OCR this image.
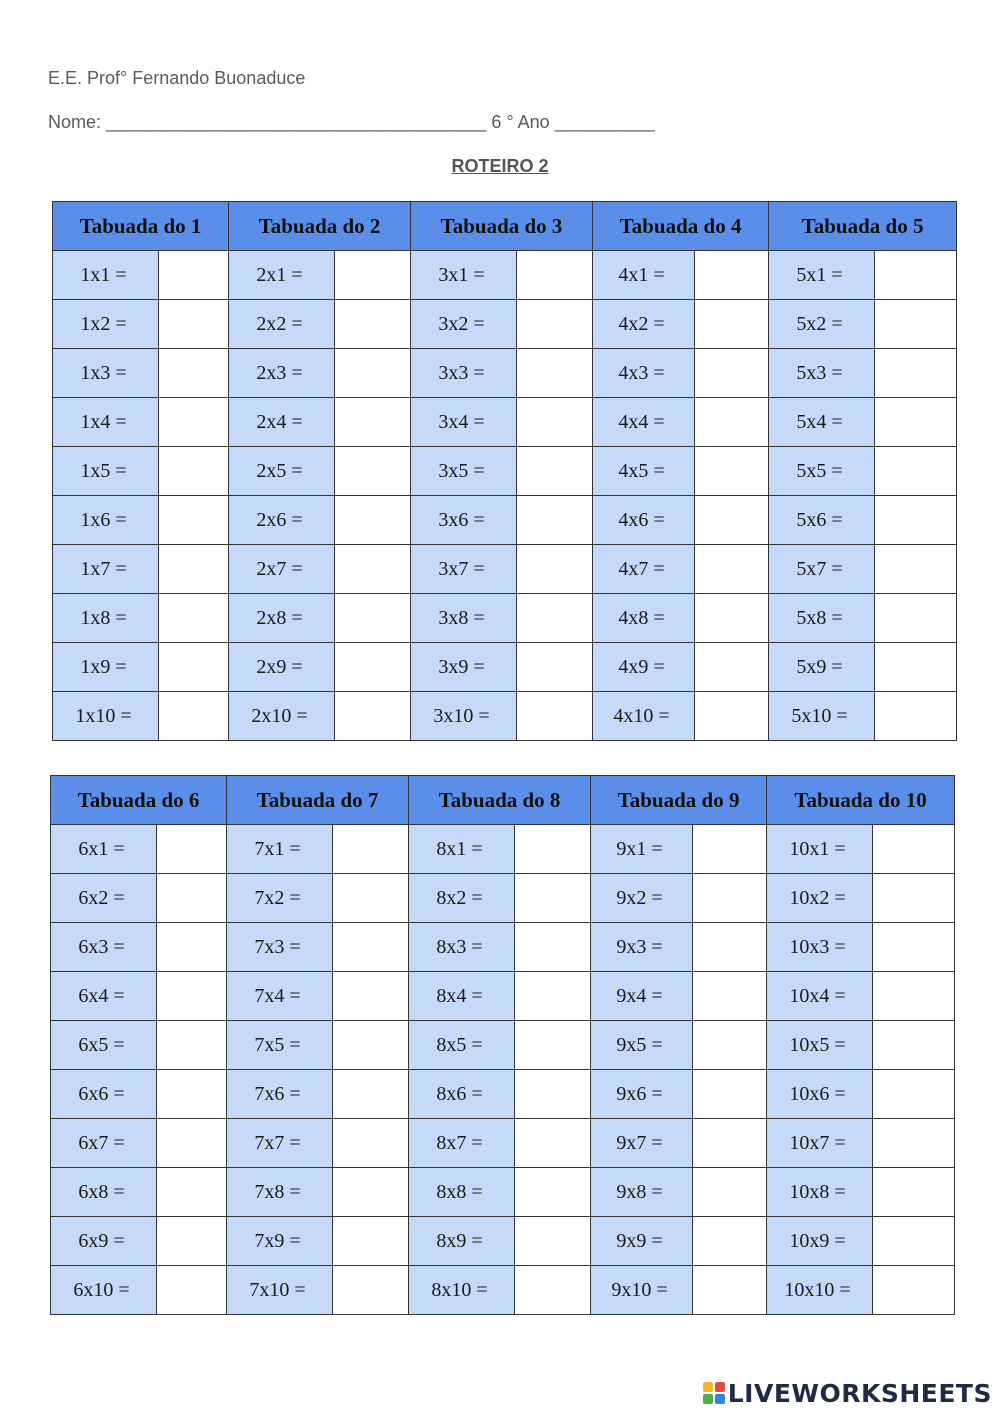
E.E. Prof° Fernando Buonaduce
Nome: ______________________________________ 6 ° Ano __________
ROTEIRO 2
Tabuada do 1		Tabuada do 2		Tabuada do 3		Tabuada do 4		Tabuada do 5	

1x1 =		2x1 =		3x1 =		4x1 =		5x1 =

1x2 =		2x2 =		3x2 =		4x2 =		5x2 =

1x3 =		2x3 =		3x3 =		4x3 =		5x3 =

1x4 =		2x4 =		3x4 =		4x4 =		5x4 =

1x5 =		2x5 =		3x5 =		4x5 =		5x5 =

1x6 =		2x6 =		3x6 =		4x6 =		5x6 =

1x7 =		2x7 =		3x7 =		4x7 =		5x7 =

1x8 =		2x8 =		3x8 =		4x8 =		5x8 =

1x9 =		2x9 =		3x9 =		4x9 =		5x9 =

1x10 =		2x10 =		3x10 =		4x10 =		5x10 =

Tabuada do 6		Tabuada do 7		Tabuada do 8		Tabuada do 9		Tabuada do 10	

6x1 =		7x1 =		8x1 =		9x1 =		10x1 =

6x2 =		7x2 =		8x2 =		9x2 =		10x2 =

6x3 =		7x3 =		8x3 =		9x3 =		10x3 =

6x4 =		7x4 =		8x4 =		9x4 =		10x4 =

6x5 =		7x5 =		8x5 =		9x5 =		10x5 =

6x6 =		7x6 =		8x6 =		9x6 =		10x6 =

6x7 =		7x7 =		8x7 =		9x7 =		10x7 =

6x8 =		7x8 =		8x8 =		9x8 =		10x8 =

6x9 =		7x9 =		8x9 =		9x9 =		10x9 =

6x10 =		7x10 =		8x10 =		9x10 =		10x10 =

LIVEWORKSHEETS
